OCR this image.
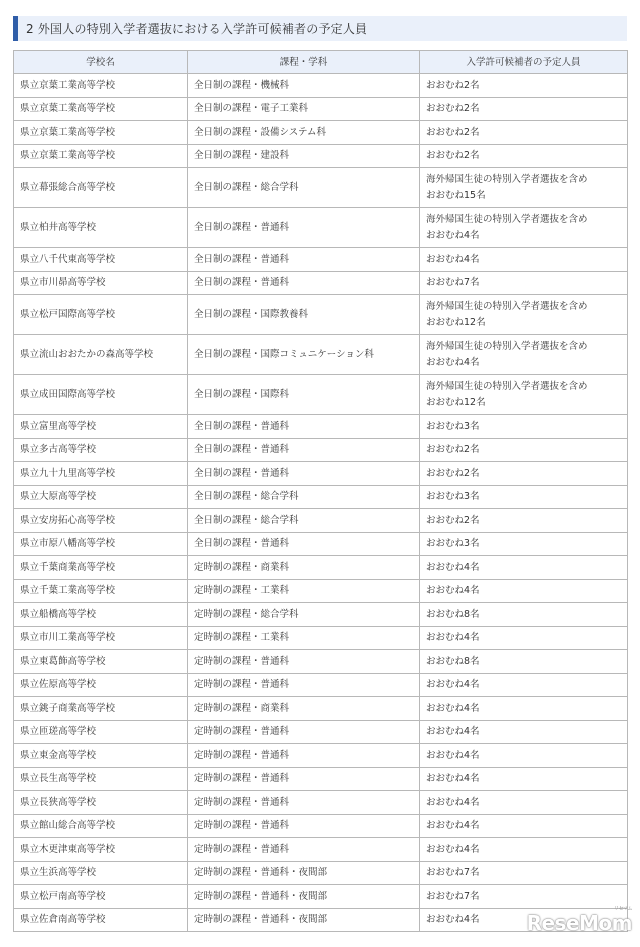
2 外国人の特別入学者選抜における入学許可候補者の予定人員
学校名	課程・学科	入学許可候補者の予定人員
県立京葉工業高等学校	全日制の課程・機械科	おおむね2名
県立京葉工業高等学校	全日制の課程・電子工業科	おおむね2名
県立京葉工業高等学校	全日制の課程・設備システム科	おおむね2名
県立京葉工業高等学校	全日制の課程・建設科	おおむね2名
県立幕張総合高等学校	全日制の課程・総合学科	海外帰国生徒の特別入学者選抜を含め
おおむね15名

県立柏井高等学校	全日制の課程・普通科	海外帰国生徒の特別入学者選抜を含め
おおむね4名

県立八千代東高等学校	全日制の課程・普通科	おおむね4名
県立市川昴高等学校	全日制の課程・普通科	おおむね7名
県立松戸国際高等学校	全日制の課程・国際教養科	海外帰国生徒の特別入学者選抜を含め
おおむね12名

県立流山おおたかの森高等学校	全日制の課程・国際コミュニケーション科	海外帰国生徒の特別入学者選抜を含め
おおむね4名

県立成田国際高等学校	全日制の課程・国際科	海外帰国生徒の特別入学者選抜を含め
おおむね12名

県立富里高等学校	全日制の課程・普通科	おおむね3名
県立多古高等学校	全日制の課程・普通科	おおむね2名
県立九十九里高等学校	全日制の課程・普通科	おおむね2名
県立大原高等学校	全日制の課程・総合学科	おおむね3名
県立安房拓心高等学校	全日制の課程・総合学科	おおむね2名
県立市原八幡高等学校	全日制の課程・普通科	おおむね3名
県立千葉商業高等学校	定時制の課程・商業科	おおむね4名
県立千葉工業高等学校	定時制の課程・工業科	おおむね4名
県立船橋高等学校	定時制の課程・総合学科	おおむね8名
県立市川工業高等学校	定時制の課程・工業科	おおむね4名
県立東葛飾高等学校	定時制の課程・普通科	おおむね8名
県立佐原高等学校	定時制の課程・普通科	おおむね4名
県立銚子商業高等学校	定時制の課程・商業科	おおむね4名
県立匝瑳高等学校	定時制の課程・普通科	おおむね4名
県立東金高等学校	定時制の課程・普通科	おおむね4名
県立長生高等学校	定時制の課程・普通科	おおむね4名
県立長狭高等学校	定時制の課程・普通科	おおむね4名
県立館山総合高等学校	定時制の課程・普通科	おおむね4名
県立木更津東高等学校	定時制の課程・普通科	おおむね4名
県立生浜高等学校	定時制の課程・普通科・夜間部	おおむね7名
県立松戸南高等学校	定時制の課程・普通科・夜間部	おおむね7名
県立佐倉南高等学校	定時制の課程・普通科・夜間部	おおむね4名
リセマム
ReseMom
